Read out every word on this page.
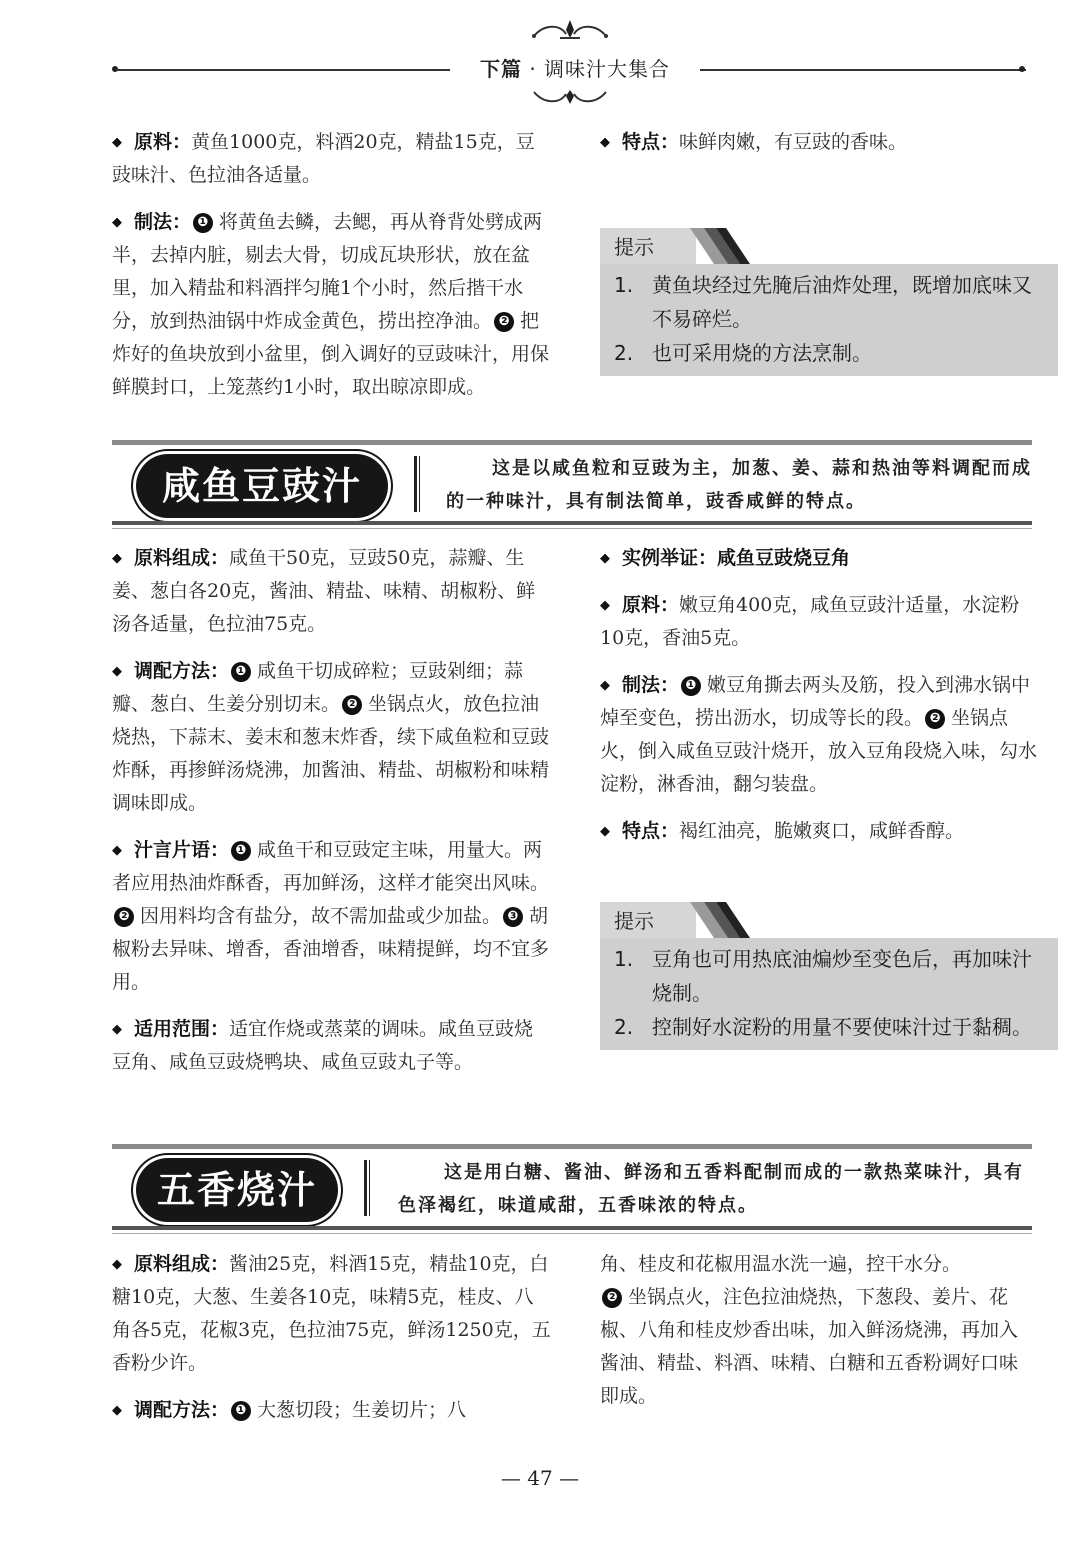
下篇 · 调味汁大集合

◆ 原料：黄鱼1000克，料酒20克，精盐15克，豆豉味汁、色拉油各适量。

◆ 制法： ❶ 将黄鱼去鳞，去鳃，再从脊背处劈成两半，去掉内脏，剔去大骨，切成瓦块形状，放在盆里，加入精盐和料酒拌匀腌1个小时，然后揩干水分，放到热油锅中炸成金黄色，捞出控净油。 ❷ 把炸好的鱼块放到小盆里，倒入调好的豆豉味汁，用保鲜膜封口，上笼蒸约1小时，取出晾凉即成。

◆ 特点：味鲜肉嫩，有豆豉的香味。

提示
1. 黄鱼块经过先腌后油炸处理，既增加底味又不易碎烂。
2. 也可采用烧的方法烹制。
咸鱼豆豉汁	这是以咸鱼粒和豆豉为主，加葱、姜、蒜和热油等料调配而成的一种味汁，具有制法简单，豉香咸鲜的特点。

◆ 原料组成：咸鱼干50克，豆豉50克，蒜瓣、生姜、葱白各20克，酱油、精盐、味精、胡椒粉、鲜汤各适量，色拉油75克。

◆ 调配方法： ❶ 咸鱼干切成碎粒；豆豉剁细；蒜瓣、葱白、生姜分别切末。 ❷ 坐锅点火，放色拉油烧热，下蒜末、姜末和葱末炸香，续下咸鱼粒和豆豉炸酥，再掺鲜汤烧沸，加酱油、精盐、胡椒粉和味精调味即成。

◆ 汁言片语： ❶ 咸鱼干和豆豉定主味，用量大。两者应用热油炸酥香，再加鲜汤，这样才能突出风味。❷ 因用料均含有盐分，故不需加盐或少加盐。 ❸ 胡椒粉去异味、增香，香油增香，味精提鲜，均不宜多用。

◆ 适用范围：适宜作烧或蒸菜的调味。咸鱼豆豉烧豆角、咸鱼豆豉烧鸭块、咸鱼豆豉丸子等。

◆ 实例举证：咸鱼豆豉烧豆角

◆ 原料：嫩豆角400克，咸鱼豆豉汁适量，水淀粉10克，香油5克。

◆ 制法： ❶ 嫩豆角撕去两头及筋，投入到沸水锅中焯至变色，捞出沥水，切成等长的段。 ❷ 坐锅点火，倒入咸鱼豆豉汁烧开，放入豆角段烧入味，勾水淀粉，淋香油，翻匀装盘。

◆ 特点：褐红油亮，脆嫩爽口，咸鲜香醇。

提示
1. 豆角也可用热底油煸炒至变色后，再加味汁烧制。
2. 控制好水淀粉的用量不要使味汁过于黏稠。
五香烧汁	这是用白糖、酱油、鲜汤和五香料配制而成的一款热菜味汁，具有色泽褐红，味道咸甜，五香味浓的特点。

◆ 原料组成：酱油25克，料酒15克，精盐10克，白糖10克，大葱、生姜各10克，味精5克，桂皮、八角各5克，花椒3克，色拉油75克，鲜汤1250克，五香粉少许。

◆ 调配方法： ❶ 大葱切段；生姜切片；八

角、桂皮和花椒用温水洗一遍，控干水分。
❷ 坐锅点火，注色拉油烧热，下葱段、姜片、花椒、八角和桂皮炒香出味，加入鲜汤烧沸，再加入酱油、精盐、料酒、味精、白糖和五香粉调好口味即成。

— 47 —
